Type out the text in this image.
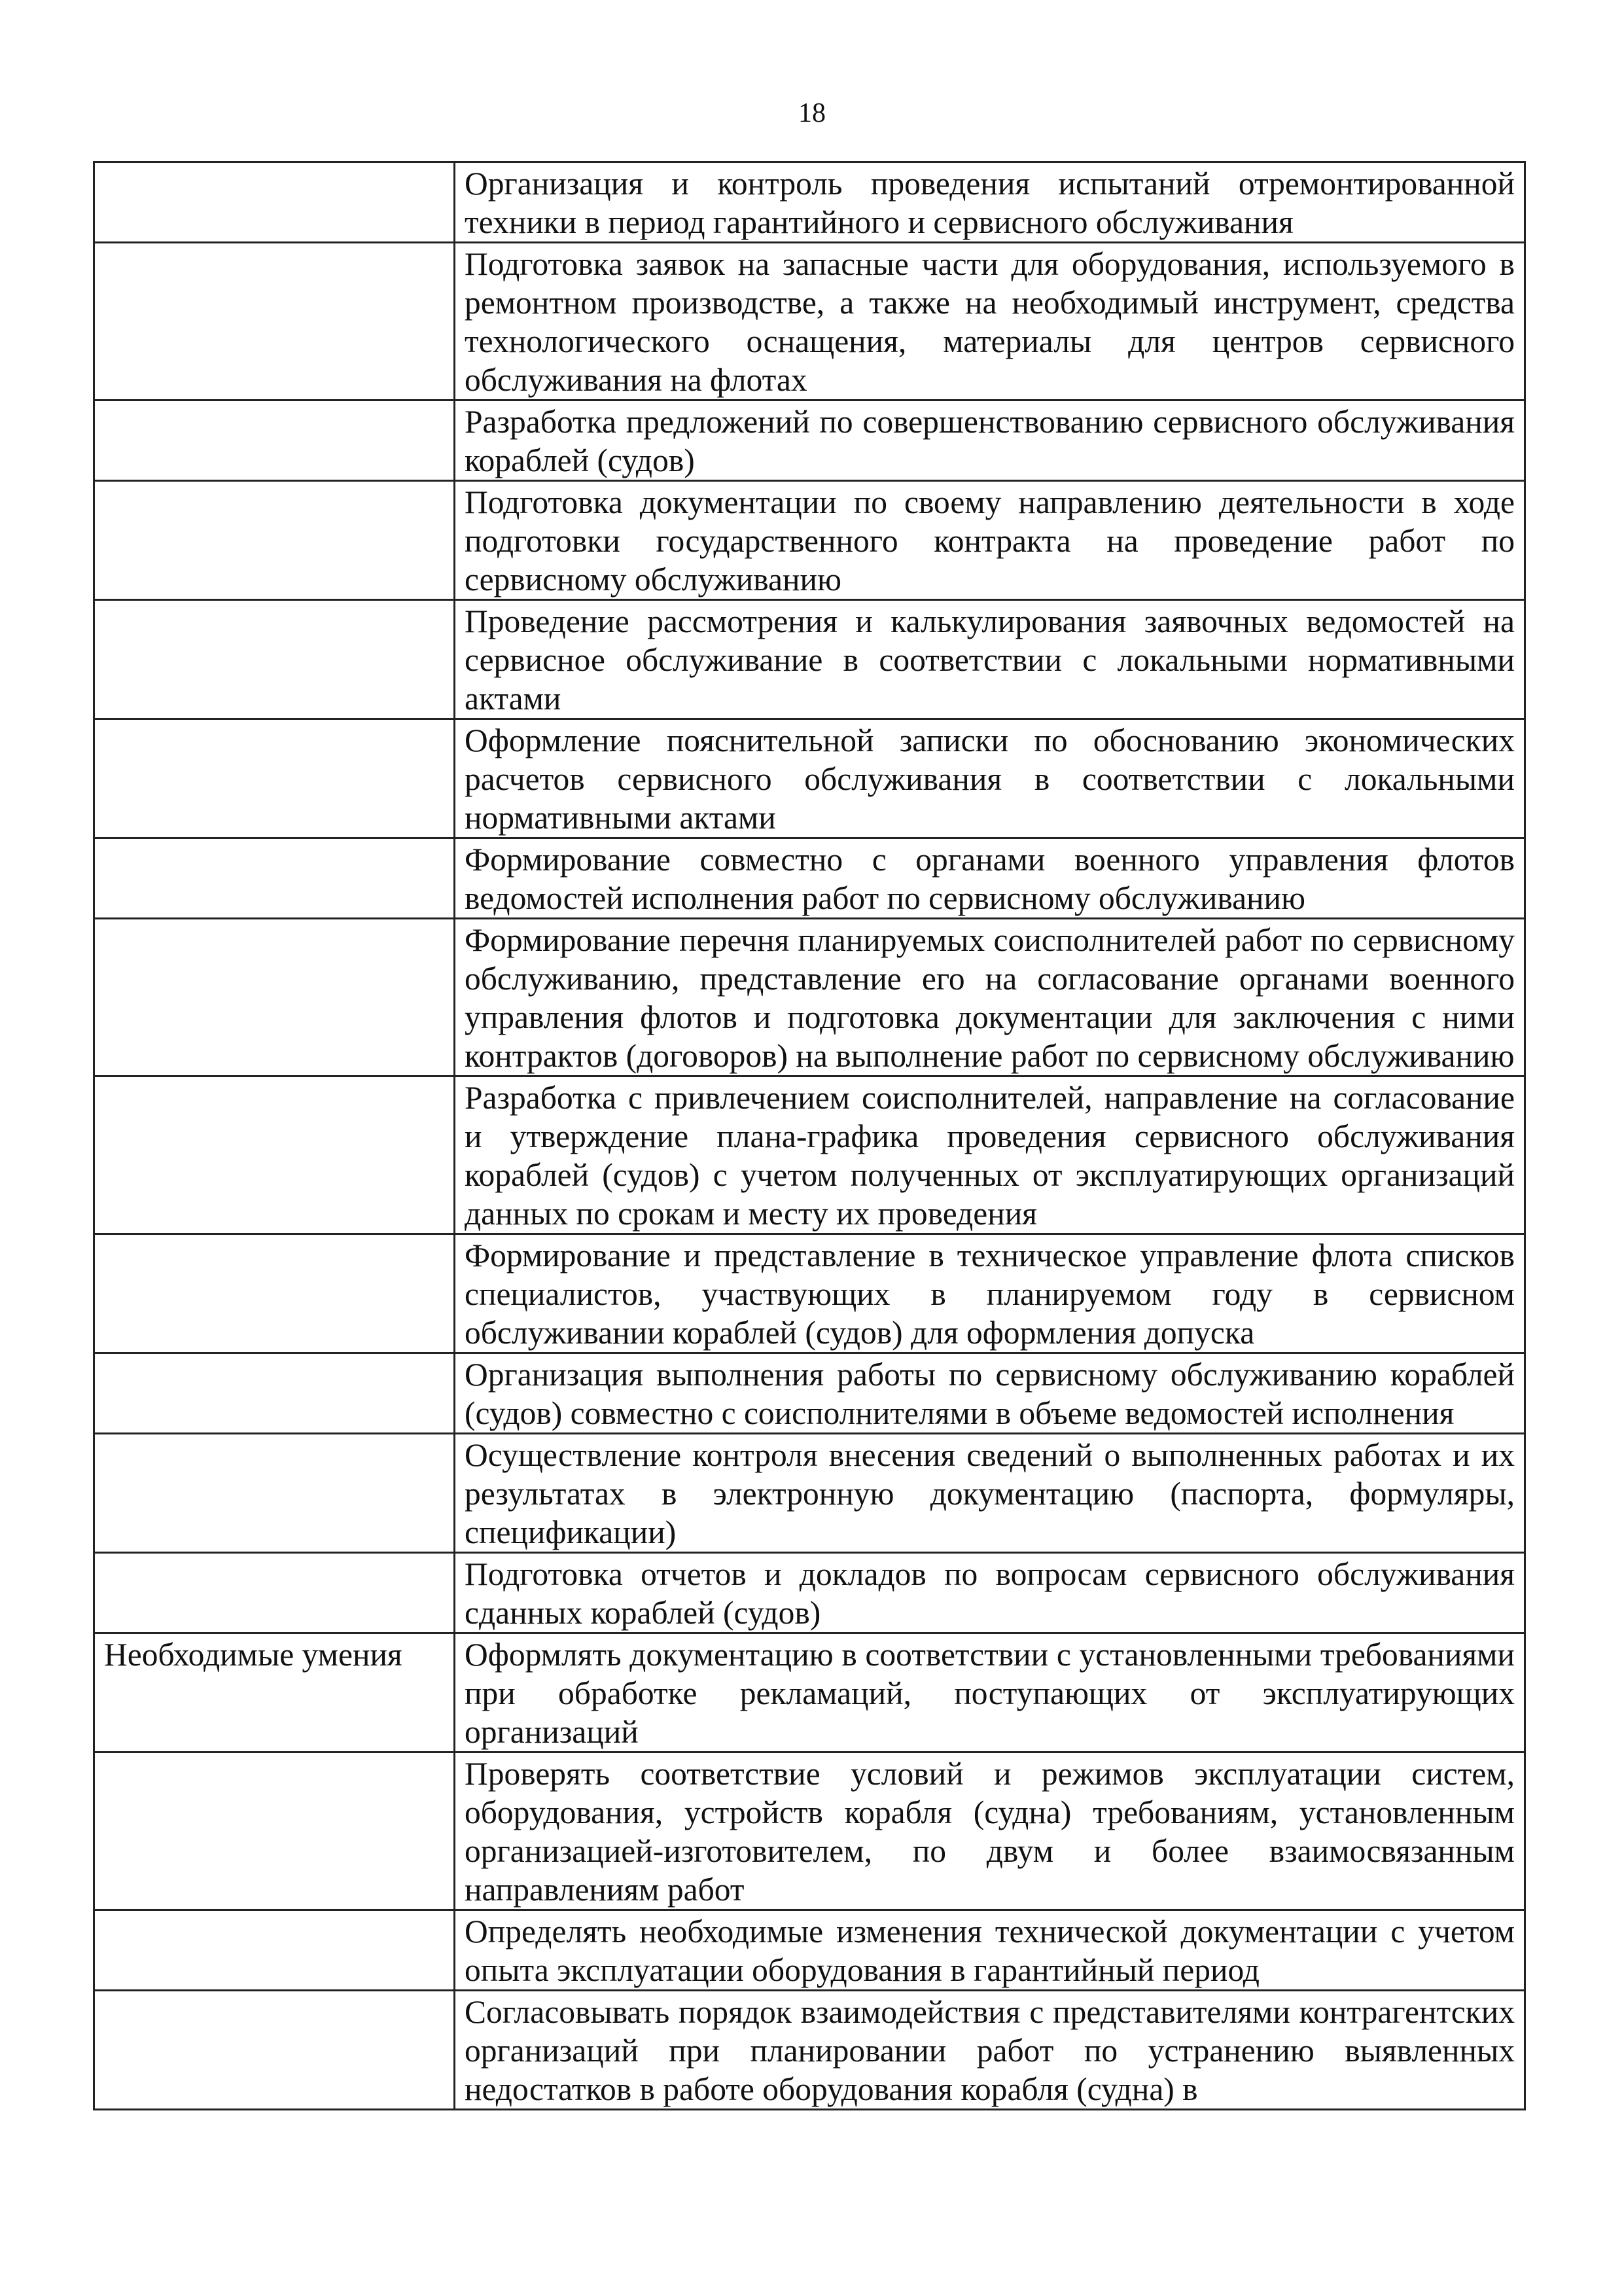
18
	Организация и контроль проведения испытаний отремонтированной техники в период гарантийного и сервисного обслуживания
	Подготовка заявок на запасные части для оборудования, используемого в ремонтном производстве, а также на необходимый инструмент, средства технологического оснащения, материалы для центров сервисного обслуживания на флотах
	Разработка предложений по совершенствованию сервисного обслуживания кораблей (судов)
	Подготовка документации по своему направлению деятельности в ходе подготовки государственного контракта на проведение работ по сервисному обслуживанию
	Проведение рассмотрения и калькулирования заявочных ведомостей на сервисное обслуживание в соответствии с локальными нормативными актами
	Оформление пояснительной записки по обоснованию экономических расчетов сервисного обслуживания в соответствии с локальными нормативными актами
	Формирование совместно с органами военного управления флотов ведомостей исполнения работ по сервисному обслуживанию
	Формирование перечня планируемых соисполнителей работ по сервисному обслуживанию, представление его на согласование органами военного управления флотов и подготовка документации для заключения с ними контрактов (договоров) на выполнение работ по сервисному обслуживанию
	Разработка с привлечением соисполнителей, направление на согласование и утверждение плана-графика проведения сервисного обслуживания кораблей (судов) с учетом полученных от эксплуатирующих организаций данных по срокам и месту их проведения
	Формирование и представление в техническое управление флота списков специалистов, участвующих в планируемом году в сервисном обслуживании кораблей (судов) для оформления допуска
	Организация выполнения работы по сервисному обслуживанию кораблей (судов) совместно с соисполнителями в объеме ведомостей исполнения
	Осуществление контроля внесения сведений о выполненных работах и их результатах в электронную документацию (паспорта, формуляры, спецификации)
	Подготовка отчетов и докладов по вопросам сервисного обслуживания сданных кораблей (судов)
Необходимые умения	Оформлять документацию в соответствии с установленными требованиями при обработке рекламаций, поступающих от эксплуатирующих организаций
	Проверять соответствие условий и режимов эксплуатации систем, оборудования, устройств корабля (судна) требованиям, установленным организацией-изготовителем, по двум и более взаимосвязанным направлениям работ
	Определять необходимые изменения технической документации с учетом опыта эксплуатации оборудования в гарантийный период
	Согласовывать порядок взаимодействия с представителями контрагентских организаций при планировании работ по устранению выявленных недостатков в работе оборудования корабля (судна) в
